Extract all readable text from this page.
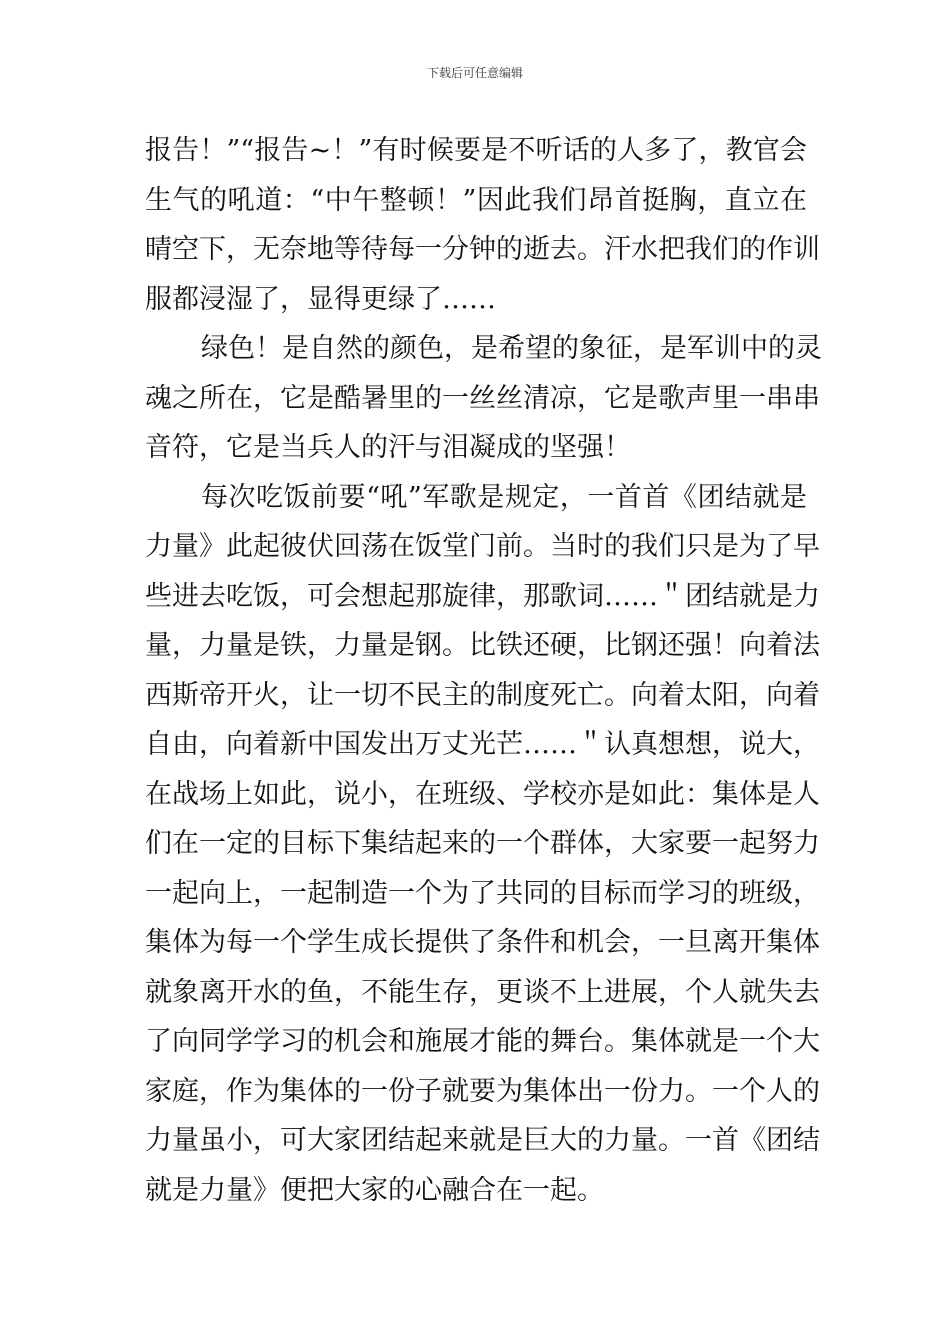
下载后可任意编辑
报告！”“报告~！”有时候要是不听话的人多了，教官会
生气的吼道：“中午整顿！”因此我们昂首挺胸，直立在
晴空下，无奈地等待每一分钟的逝去。汗水把我们的作训
服都浸湿了，显得更绿了……
绿色！是自然的颜色，是希望的象征，是军训中的灵
魂之所在，它是酷暑里的一丝丝清凉，它是歌声里一串串
音符，它是当兵人的汗与泪凝成的坚强！
每次吃饭前要“吼”军歌是规定，一首首《团结就是
力量》此起彼伏回荡在饭堂门前。当时的我们只是为了早
些进去吃饭，可会想起那旋律，那歌词……＂团结就是力
量，力量是铁，力量是钢。比铁还硬，比钢还强！向着法
西斯帝开火，让一切不民主的制度死亡。向着太阳，向着
自由，向着新中国发出万丈光芒……＂认真想想，说大，
在战场上如此，说小，在班级、学校亦是如此：集体是人
们在一定的目标下集结起来的一个群体，大家要一起努力
一起向上，一起制造一个为了共同的目标而学习的班级，
集体为每一个学生成长提供了条件和机会，一旦离开集体
就象离开水的鱼，不能生存，更谈不上进展，个人就失去
了向同学学习的机会和施展才能的舞台。集体就是一个大
家庭，作为集体的一份子就要为集体出一份力。一个人的
力量虽小，可大家团结起来就是巨大的力量。一首《团结
就是力量》便把大家的心融合在一起。
